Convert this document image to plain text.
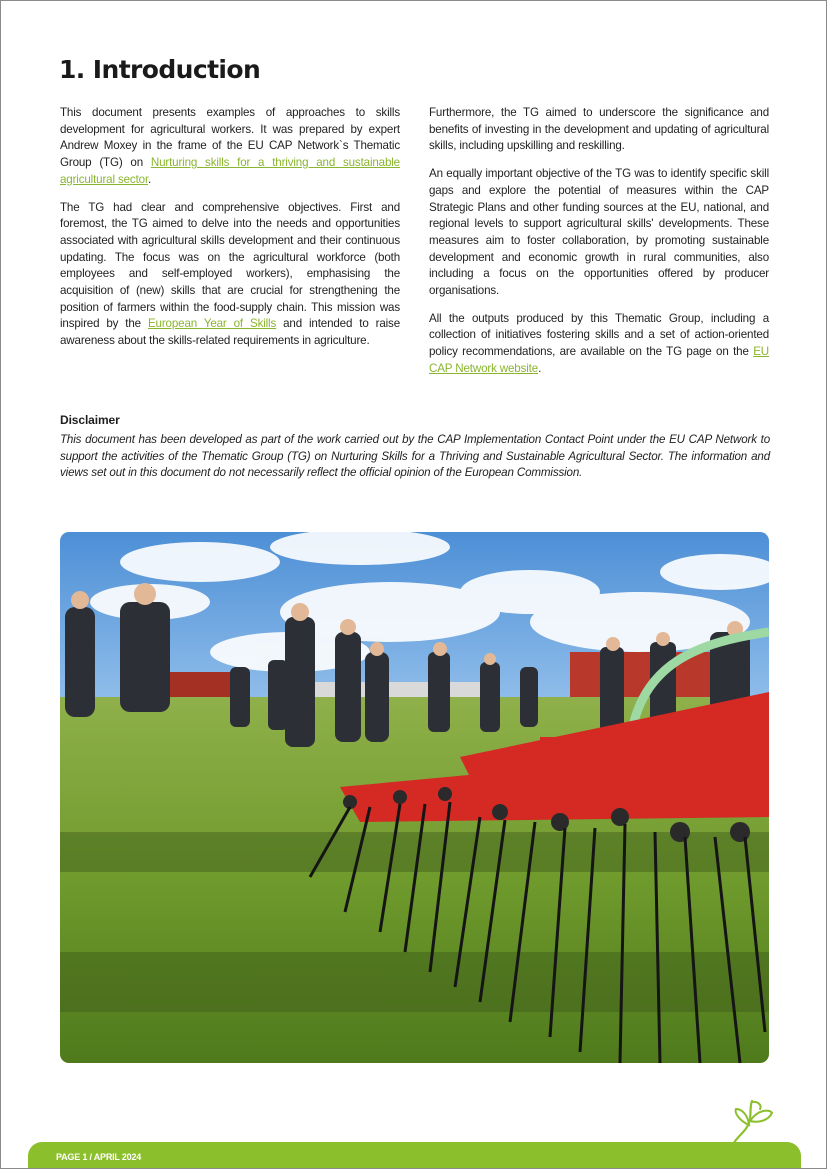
1. Introduction

This document presents examples of approaches to skills development for agricultural workers. It was prepared by expert Andrew Moxey in the frame of the EU CAP Network`s Thematic Group (TG) on Nurturing skills for a thriving and sustainable agricultural sector.

The TG had clear and comprehensive objectives. First and foremost, the TG aimed to delve into the needs and opportunities associated with agricultural skills development and their continuous updating. The focus was on the agricultural workforce (both employees and self-employed workers), emphasising the acquisition of (new) skills that are crucial for strengthening the position of farmers within the food-supply chain. This mission was inspired by the European Year of Skills and intended to raise awareness about the skills-related requirements in agriculture.

Furthermore, the TG aimed to underscore the significance and benefits of investing in the development and updating of agricultural skills, including upskilling and reskilling.

An equally important objective of the TG was to identify specific skill gaps and explore the potential of measures within the CAP Strategic Plans and other funding sources at the EU, national, and regional levels to support agricultural skills' developments. These measures aim to foster collaboration, by promoting sustainable development and economic growth in rural communities, also including a focus on the opportunities offered by producer organisations.

All the outputs produced by this Thematic Group, including a collection of initiatives fostering skills and a set of action-oriented policy recommendations, are available on the TG page on the EU CAP Network website.

Disclaimer

This document has been developed as part of the work carried out by the CAP Implementation Contact Point under the EU CAP Network to support the activities of the Thematic Group (TG) on Nurturing Skills for a Thriving and Sustainable Agricultural Sector. The information and views set out in this document do not necessarily reflect the official opinion of the European Commission.

PAGE 1 / APRIL 2024
